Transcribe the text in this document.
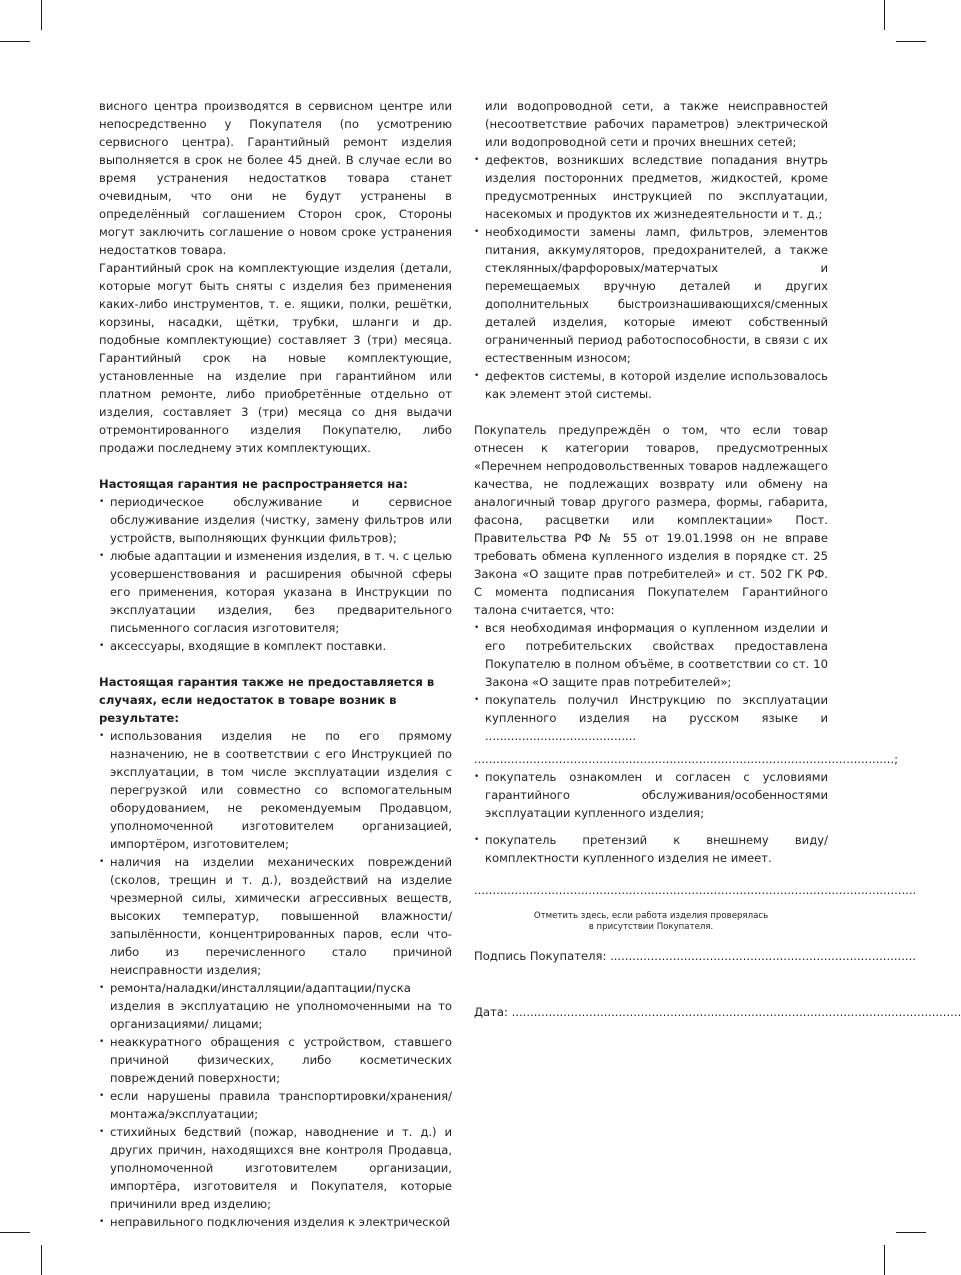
висного центра производятся в сервисном центре или непосредственно у Покупателя (по усмотрению сервисного центра). Гарантийный ремонт изделия выполняется в срок не более 45 дней. В случае если во время устранения недостатков товара станет очевидным, что они не будут устранены в определённый соглашением Сторон срок, Стороны могут заключить соглашение о новом сроке устранения недостатков товара.

Гарантийный срок на комплектующие изделия (детали, которые могут быть сняты с изделия без применения каких-либо инструментов, т. е. ящики, полки, решётки, корзины, насадки, щётки, трубки, шланги и др. подобные комплектующие) составляет 3 (три) месяца. Гарантийный срок на новые комплектующие, установленные на изделие при гарантийном или платном ремонте, либо приобретённые отдельно от изделия, составляет 3 (три) месяца со дня выдачи отремонтированного изделия Покупателю, либо продажи последнему этих комплектующих.

Настоящая гарантия не распространяется на:

• периодическое обслуживание и сервисное обслуживание изделия (чистку, замену фильтров или устройств, выполняющих функции фильтров);
• любые адаптации и изменения изделия, в т. ч. с целью усовершенствования и расширения обычной сферы его применения, которая указана в Инструкции по эксплуатации изделия, без предварительного письменного согласия изготовителя;
• аксессуары, входящие в комплект поставки.

Настоящая гарантия также не предоставляется в случаях, если недостаток в товаре возник в результате:

• использования изделия не по его прямому назначению, не в соответствии с его Инструкцией по эксплуатации, в том числе эксплуатации изделия с перегрузкой или совместно со вспомогательным оборудованием, не рекомендуемым Продавцом, уполномоченной изготовителем организацией, импортёром, изготовителем;
• наличия на изделии механических повреждений (сколов, трещин и т. д.), воздействий на изделие чрезмерной силы, химически агрессивных веществ, высоких температур, повышенной влажности/запылённости, концентрированных паров, если что-либо из перечисленного стало причиной неисправности изделия;
• ремонта/наладки/инсталляции/адаптации/пуска изделия в эксплуатацию не уполномоченными на то организациями/ лицами;
• неаккуратного обращения с устройством, ставшего причиной физических, либо косметических повреждений поверхности;
• если нарушены правила транспортировки/хранения/монтажа/эксплуатации;
• стихийных бедствий (пожар, наводнение и т. д.) и других причин, находящихся вне контроля Продавца, уполномоченной изготовителем организации, импортёра, изготовителя и Покупателя, которые причинили вред изделию;
• неправильного подключения изделия к электрической
или водопроводной сети, а также неисправностей (несоответствие рабочих параметров) электрической или водопроводной сети и прочих внешних сетей;
• дефектов, возникших вследствие попадания внутрь изделия посторонних предметов, жидкостей, кроме предусмотренных инструкцией по эксплуатации, насекомых и продуктов их жизнедеятельности и т. д.;
• необходимости замены ламп, фильтров, элементов питания, аккумуляторов, предохранителей, а также стеклянных/фарфоровых/матерчатых и перемещаемых вручную деталей и других дополнительных быстроизнашивающихся/сменных деталей изделия, которые имеют собственный ограниченный период работоспособности, в связи с их естественным износом;
• дефектов системы, в которой изделие использовалось как элемент этой системы.

Покупатель предупреждён о том, что если товар отнесен к категории товаров, предусмотренных «Перечнем непродовольственных товаров надлежащего качества, не подлежащих возврату или обмену на аналогичный товар другого размера, формы, габарита, фасона, расцветки или комплектации» Пост. Правительства РФ № 55 от 19.01.1998 он не вправе требовать обмена купленного изделия в порядке ст. 25 Закона «О защите прав потребителей» и ст. 502 ГК РФ. С момента подписания Покупателем Гарантийного талона считается, что:

• вся необходимая информация о купленном изделии и его потребительских свойствах предоставлена Покупателю в полном объёме, в соответствии со ст. 10 Закона «О защите прав потребителей»;
• покупатель получил Инструкцию по эксплуатации купленного изделия на русском языке и .........................................
..................................................................................................................;
• покупатель ознакомлен и согласен с условиями гарантийного обслуживания/особенностями эксплуатации купленного изделия;
• покупатель претензий к внешнему виду/комплектности купленного изделия не имеет.
........................................................................................................................
Отметить здесь, если работа изделия проверялась
в присутствии Покупателя.
Подпись Покупателя: ...................................................................................
Дата: ..........................................................................................................................
